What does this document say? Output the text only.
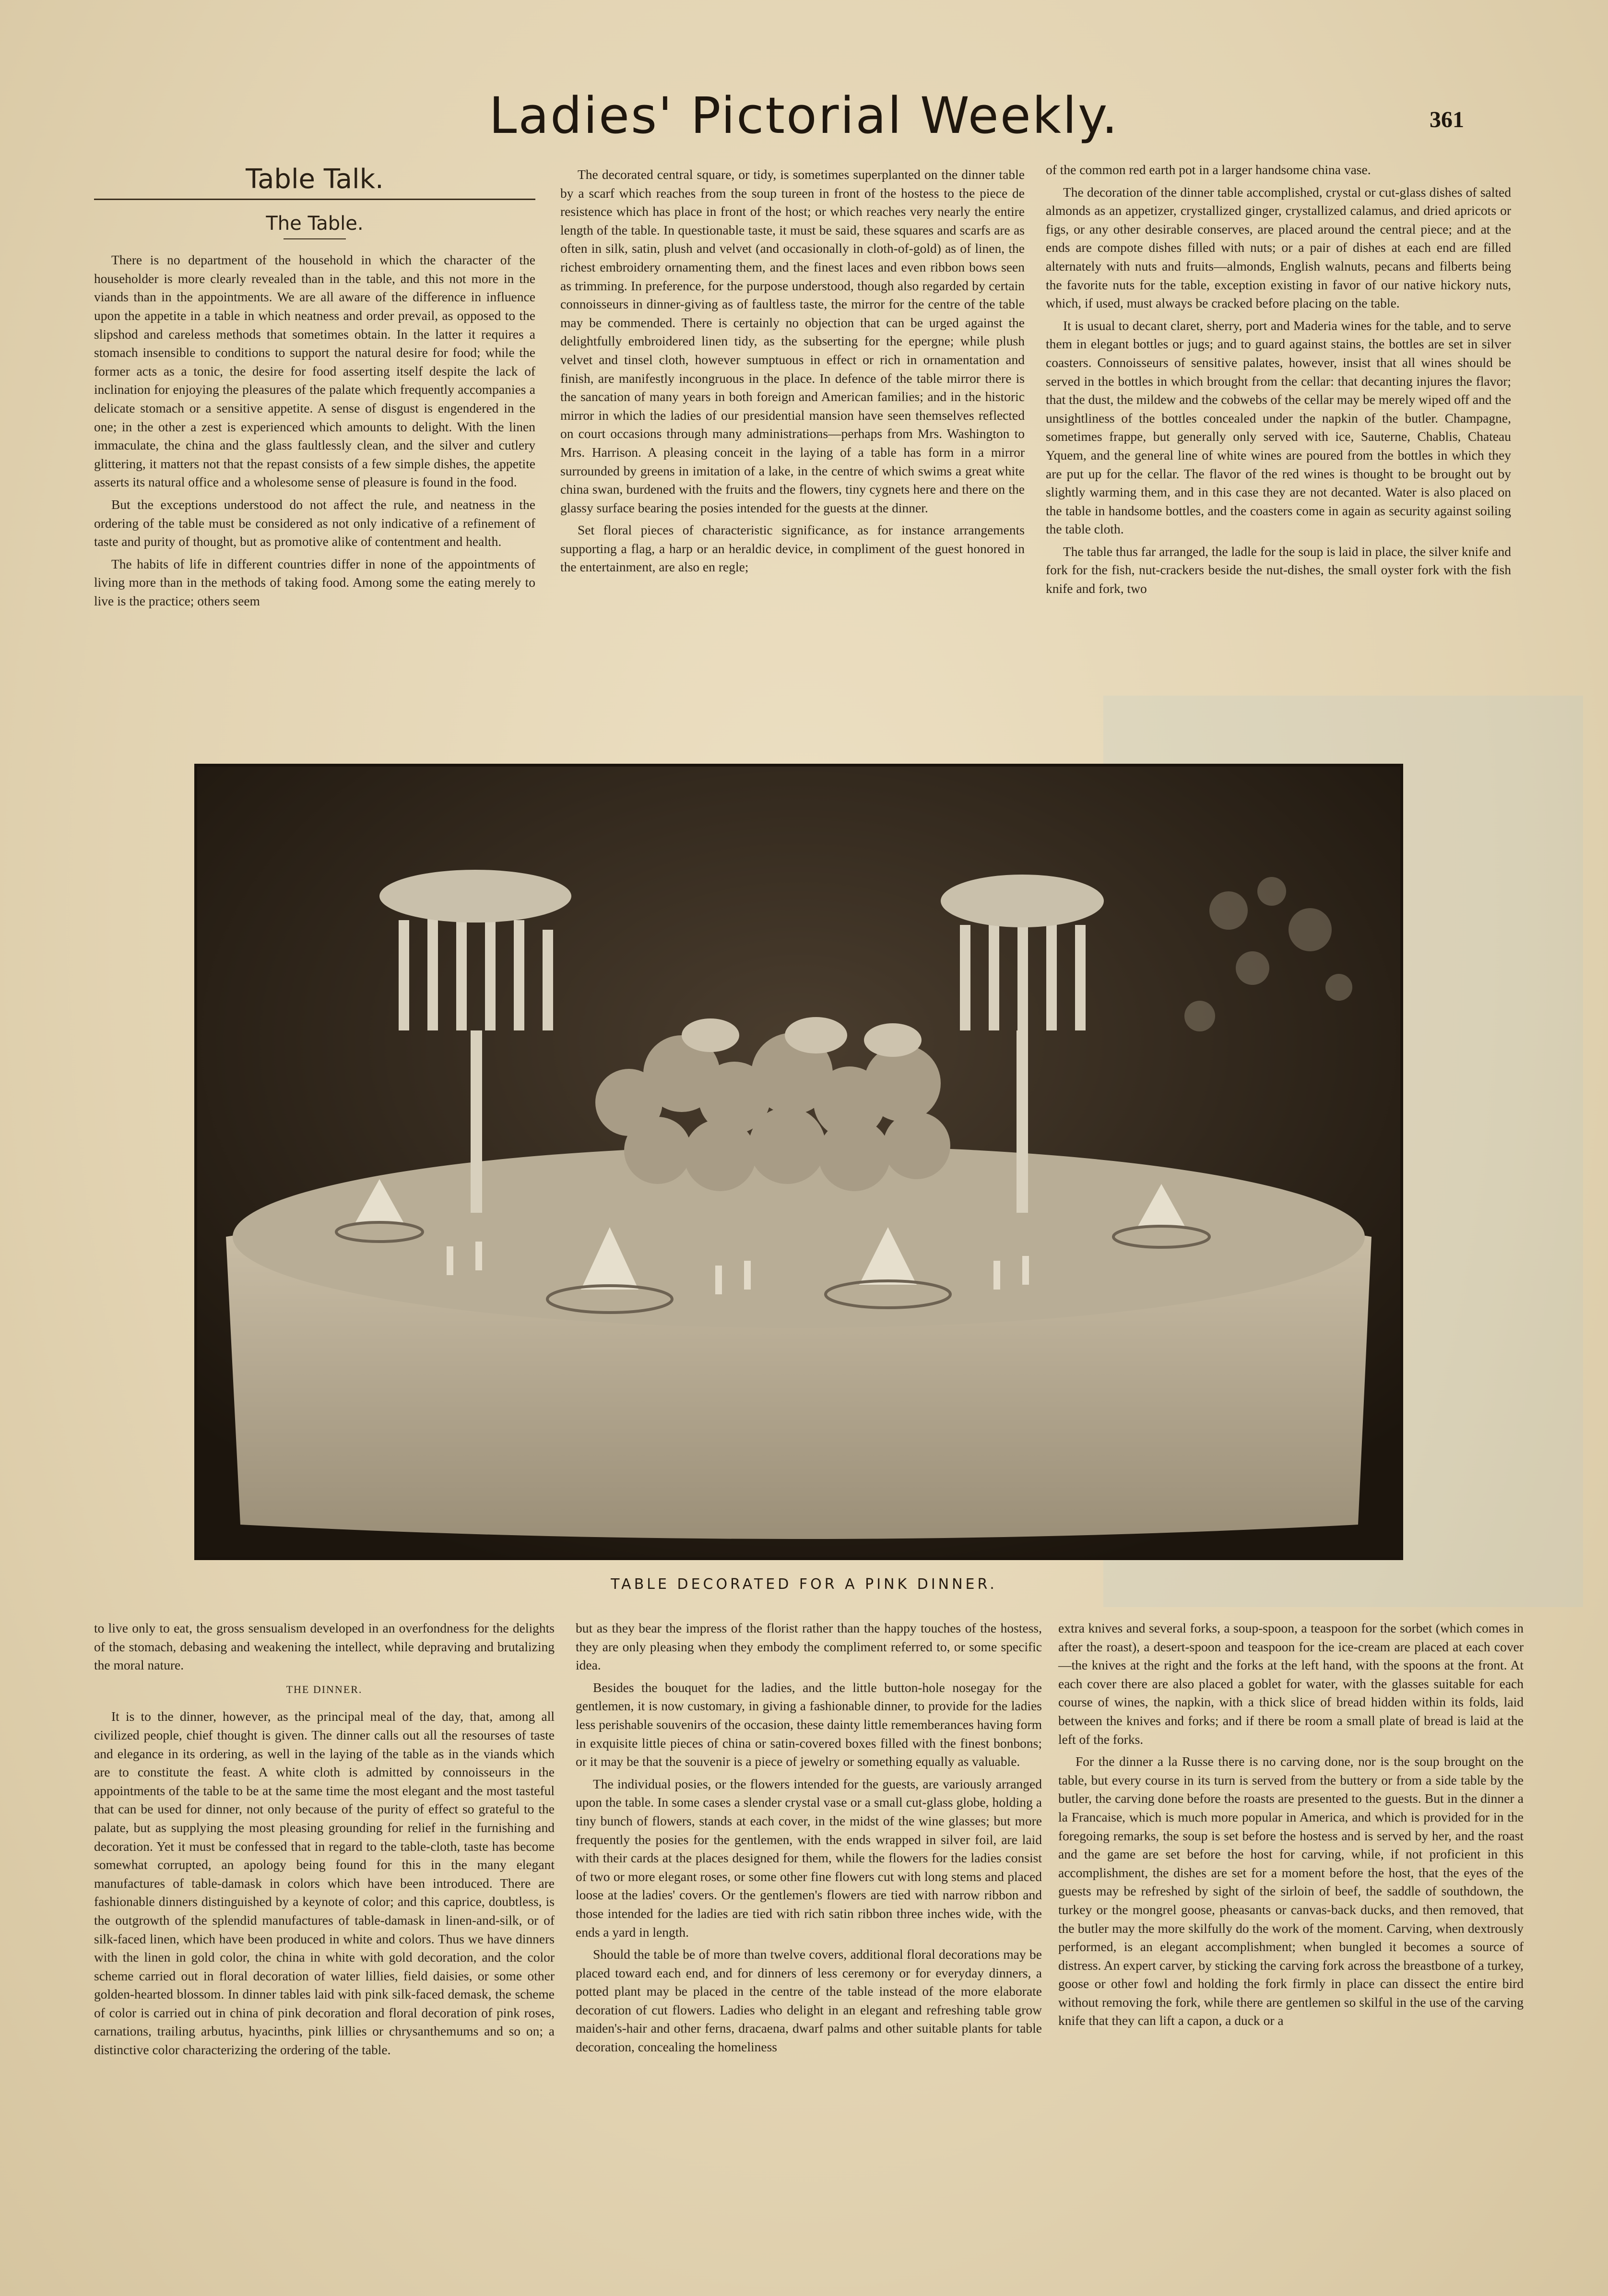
Ladies' Pictorial Weekly.	361
Table Talk.
The Table.

There is no department of the household in which the character of the householder is more clearly revealed than in the table, and this not more in the viands than in the appointments. We are all aware of the difference in influence upon the appetite in a table in which neatness and order prevail, as opposed to the slipshod and careless methods that sometimes obtain. In the latter it requires a stomach insensible to conditions to support the natural desire for food; while the former acts as a tonic, the desire for food asserting itself despite the lack of inclination for enjoying the pleasures of the palate which frequently accompanies a delicate stomach or a sensitive appetite. A sense of disgust is engendered in the one; in the other a zest is experienced which amounts to delight. With the linen immaculate, the china and the glass faultlessly clean, and the silver and cutlery glittering, it matters not that the repast consists of a few simple dishes, the appetite asserts its natural office and a wholesome sense of pleasure is found in the food.

But the exceptions understood do not affect the rule, and neatness in the ordering of the table must be considered as not only indicative of a refinement of taste and purity of thought, but as promotive alike of contentment and health.

The habits of life in different countries differ in none of the appointments of living more than in the methods of taking food. Among some the eating merely to live is the practice; others seem

The decorated central square, or tidy, is sometimes superplanted on the dinner table by a scarf which reaches from the soup tureen in front of the hostess to the piece de resistence which has place in front of the host; or which reaches very nearly the entire length of the table. In questionable taste, it must be said, these squares and scarfs are as often in silk, satin, plush and velvet (and occasionally in cloth-of-gold) as of linen, the richest embroidery ornamenting them, and the finest laces and even ribbon bows seen as trimming. In preference, for the purpose understood, though also regarded by certain connoisseurs in dinner-giving as of faultless taste, the mirror for the centre of the table may be commended. There is certainly no objection that can be urged against the delightfully embroidered linen tidy, as the subserting for the epergne; while plush velvet and tinsel cloth, however sumptuous in effect or rich in ornamentation and finish, are manifestly incongruous in the place. In defence of the table mirror there is the sancation of many years in both foreign and American families; and in the historic mirror in which the ladies of our presidential mansion have seen themselves reflected on court occasions through many administrations—perhaps from Mrs. Washington to Mrs. Harrison. A pleasing conceit in the laying of a table has form in a mirror surrounded by greens in imitation of a lake, in the centre of which swims a great white china swan, burdened with the fruits and the flowers, tiny cygnets here and there on the glassy surface bearing the posies intended for the guests at the dinner.

Set floral pieces of characteristic significance, as for instance arrangements supporting a flag, a harp or an heraldic device, in compliment of the guest honored in the entertainment, are also en regle;

of the common red earth pot in a larger handsome china vase.

The decoration of the dinner table accomplished, crystal or cut-glass dishes of salted almonds as an appetizer, crystallized ginger, crystallized calamus, and dried apricots or figs, or any other desirable conserves, are placed around the central piece; and at the ends are compote dishes filled with nuts; or a pair of dishes at each end are filled alternately with nuts and fruits—almonds, English walnuts, pecans and filberts being the favorite nuts for the table, exception existing in favor of our native hickory nuts, which, if used, must always be cracked before placing on the table.

It is usual to decant claret, sherry, port and Maderia wines for the table, and to serve them in elegant bottles or jugs; and to guard against stains, the bottles are set in silver coasters. Connoisseurs of sensitive palates, however, insist that all wines should be served in the bottles in which brought from the cellar: that decanting injures the flavor; that the dust, the mildew and the cobwebs of the cellar may be merely wiped off and the unsightliness of the bottles concealed under the napkin of the butler. Champagne, sometimes frappe, but generally only served with ice, Sauterne, Chablis, Chateau Yquem, and the general line of white wines are poured from the bottles in which they are put up for the cellar. The flavor of the red wines is thought to be brought out by slightly warming them, and in this case they are not decanted. Water is also placed on the table in handsome bottles, and the coasters come in again as security against soiling the table cloth.

The table thus far arranged, the ladle for the soup is laid in place, the silver knife and fork for the fish, nut-crackers beside the nut-dishes, the small oyster fork with the fish knife and fork, two

TABLE DECORATED FOR A PINK DINNER.

to live only to eat, the gross sensualism developed in an overfondness for the delights of the stomach, debasing and weakening the intellect, while depraving and brutalizing the moral nature.

THE DINNER.

It is to the dinner, however, as the principal meal of the day, that, among all civilized people, chief thought is given. The dinner calls out all the resourses of taste and elegance in its ordering, as well in the laying of the table as in the viands which are to constitute the feast. A white cloth is admitted by connoisseurs in the appointments of the table to be at the same time the most elegant and the most tasteful that can be used for dinner, not only because of the purity of effect so grateful to the palate, but as supplying the most pleasing grounding for relief in the furnishing and decoration. Yet it must be confessed that in regard to the table-cloth, taste has become somewhat corrupted, an apology being found for this in the many elegant manufactures of table-damask in colors which have been introduced. There are fashionable dinners distinguished by a keynote of color; and this caprice, doubtless, is the outgrowth of the splendid manufactures of table-damask in linen-and-silk, or of silk-faced linen, which have been produced in white and colors. Thus we have dinners with the linen in gold color, the china in white with gold decoration, and the color scheme carried out in floral decoration of water lillies, field daisies, or some other golden-hearted blossom. In dinner tables laid with pink silk-faced demask, the scheme of color is carried out in china of pink decoration and floral decoration of pink roses, carnations, trailing arbutus, hyacinths, pink lillies or chrysanthemums and so on; a distinctive color characterizing the ordering of the table.

but as they bear the impress of the florist rather than the happy touches of the hostess, they are only pleasing when they embody the compliment referred to, or some specific idea.

Besides the bouquet for the ladies, and the little button-hole nosegay for the gentlemen, it is now customary, in giving a fashionable dinner, to provide for the ladies less perishable souvenirs of the occasion, these dainty little rememberances having form in exquisite little pieces of china or satin-covered boxes filled with the finest bonbons; or it may be that the souvenir is a piece of jewelry or something equally as valuable.

The individual posies, or the flowers intended for the guests, are variously arranged upon the table. In some cases a slender crystal vase or a small cut-glass globe, holding a tiny bunch of flowers, stands at each cover, in the midst of the wine glasses; but more frequently the posies for the gentlemen, with the ends wrapped in silver foil, are laid with their cards at the places designed for them, while the flowers for the ladies consist of two or more elegant roses, or some other fine flowers cut with long stems and placed loose at the ladies' covers. Or the gentlemen's flowers are tied with narrow ribbon and those intended for the ladies are tied with rich satin ribbon three inches wide, with the ends a yard in length.

Should the table be of more than twelve covers, additional floral decorations may be placed toward each end, and for dinners of less ceremony or for everyday dinners, a potted plant may be placed in the centre of the table instead of the more elaborate decoration of cut flowers. Ladies who delight in an elegant and refreshing table grow maiden's-hair and other ferns, dracaena, dwarf palms and other suitable plants for table decoration, concealing the homeliness

extra knives and several forks, a soup-spoon, a teaspoon for the sorbet (which comes in after the roast), a desert-spoon and teaspoon for the ice-cream are placed at each cover—the knives at the right and the forks at the left hand, with the spoons at the front. At each cover there are also placed a goblet for water, with the glasses suitable for each course of wines, the napkin, with a thick slice of bread hidden within its folds, laid between the knives and forks; and if there be room a small plate of bread is laid at the left of the forks.

For the dinner a la Russe there is no carving done, nor is the soup brought on the table, but every course in its turn is served from the buttery or from a side table by the butler, the carving done before the roasts are presented to the guests. But in the dinner a la Francaise, which is much more popular in America, and which is provided for in the foregoing remarks, the soup is set before the hostess and is served by her, and the roast and the game are set before the host for carving, while, if not proficient in this accomplishment, the dishes are set for a moment before the host, that the eyes of the guests may be refreshed by sight of the sirloin of beef, the saddle of southdown, the turkey or the mongrel goose, pheasants or canvas-back ducks, and then removed, that the butler may the more skilfully do the work of the moment. Carving, when dextrously performed, is an elegant accomplishment; when bungled it becomes a source of distress. An expert carver, by sticking the carving fork across the breastbone of a turkey, goose or other fowl and holding the fork firmly in place can dissect the entire bird without removing the fork, while there are gentlemen so skilful in the use of the carving knife that they can lift a capon, a duck or a
